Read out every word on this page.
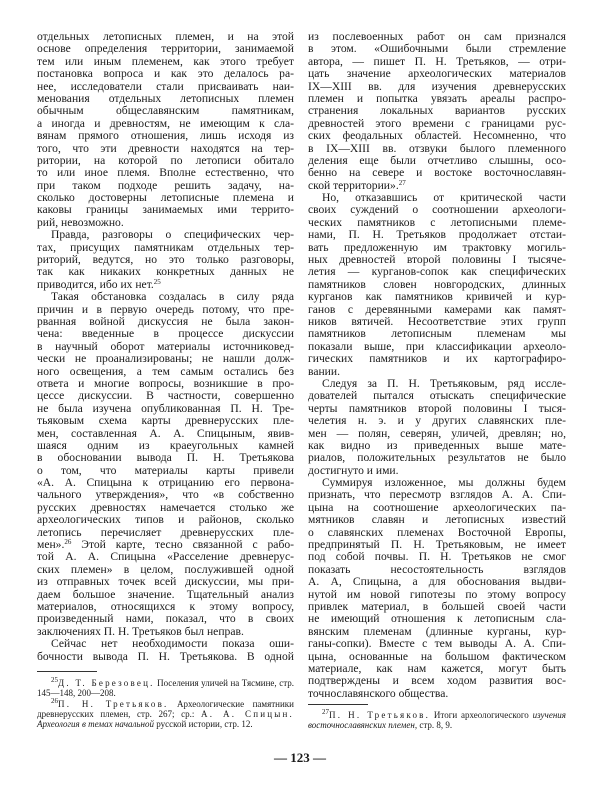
отдельных летописных племен, и на этой
основе определения территории, занимаемой
тем или иным племенем, как этого требует
постановка вопроса и как это делалось ра-
нее, исследователи стали присваивать наи-
менования отдельных летописных племен
обычным общеславянским памятникам,
а иногда и древностям, не имеющим к сла-
вянам прямого отношения, лишь исходя из
того, что эти древности находятся на тер-
ритории, на которой по летописи обитало
то или иное племя. Вполне естественно, что
при таком подходе решить задачу, на-
сколько достоверны летописные племена и
каковы границы занимаемых ими террито-
рий, невозможно.
Правда, разговоры о специфических чер-
тах, присущих памятникам отдельных тер-
риторий, ведутся, но это только разговоры,
так как никаких конкретных данных не
приводится, ибо их нет.$^{25}$
Такая обстановка создалась в силу ряда
причин и в первую очередь потому, что пре-
рванная войной дискуссия не была закон-
чена: введенные в процессе дискуссии
в научный оборот материалы источниковед-
чески не проанализированы; не нашли долж-
ного освещения, а тем самым остались без
ответа и многие вопросы, возникшие в про-
цессе дискуссии. В частности, совершенно
не была изучена опубликованная П. Н. Тре-
тьяковым схема карты древнерусских пле-
мен, составленная А. А. Спицыным, явив-
шаяся одним из краеугольных камней
в обосновании вывода П. Н. Третьякова
о том, что материалы карты привели
«А. А. Спицына к отрицанию его первона-
чального утверждения», что «в собственно
русских древностях намечается столько же
археологических типов и районов, сколько
летопись перечисляет древнерусских пле-
мен».$^{26}$ Этой карте, тесно связанной с рабо-
той А. А. Спицына «Расселение древнерус-
ских племен» в целом, послужившей одной
из отправных точек всей дискуссии, мы при-
даем большое значение. Тщательный анализ
материалов, относящихся к этому вопросу,
произведенный нами, показал, что в своих
заключениях П. Н. Третьяков был неправ.
Сейчас нет необходимости показа оши-
бочности вывода П. Н. Третьякова. В одной
из послевоенных работ он сам признался
в этом. «Ошибочными были стремление
автора, — пишет П. Н. Третьяков, — отри-
цать значение археологических материалов
IX—XIII вв. для изучения древнерусских
племен и попытка увязать ареалы распро-
странения локальных вариантов русских
древностей этого времени с границами рус-
ских феодальных областей. Несомненно, что
в IX—XIII вв. отзвуки былого племенного
деления еще были отчетливо слышны, осо-
бенно на севере и востоке восточнославян-
ской территории».$^{27}$
Но, отказавшись от критической части
своих суждений о соотношении археологи-
ческих памятников с летописными племе-
нами, П. Н. Третьяков продолжает отстаи-
вать предложенную им трактовку могиль-
ных древностей второй половины I тысяче-
летия — курганов-сопок как специфических
памятников словен новгородских, длинных
курганов как памятников кривичей и кур-
ганов с деревянными камерами как памят-
ников вятичей. Несоответствие этих групп
памятников летописным племенам мы
показали выше, при классификации археоло-
гических памятников и их картографиро-
вании.
Следуя за П. Н. Третьяковым, ряд иссле-
дователей пытался отыскать специфические
черты памятников второй половины I тыся-
челетия н. э. и у других славянских пле-
мен — полян, северян, уличей, древлян; но,
как видно из приведенных выше мате-
риалов, положительных результатов не было
достигнуто и ими.
Суммируя изложенное, мы должны будем
признать, что пересмотр взглядов А. А. Спи-
цына на соотношение археологических па-
мятников славян и летописных известий
о славянских племенах Восточной Европы,
предпринятый П. Н. Третьяковым, не имеет
под собой почвы. П. Н. Третьяков не смог
показать несостоятельность взглядов
А. А, Спицына, а для обоснования выдви-
нутой им новой гипотезы по этому вопросу
привлек материал, в большей своей части
не имеющий отношения к летописным сла-
вянским племенам (длинные курганы, кур-
ганы-сопки). Вместе с тем выводы А. А. Спи-
цына, основанные на большом фактическом
материале, как нам кажется, могут быть
подтверждены и всем ходом развития вос-
точнославянского общества.
$^{25}$Д. Т. Березовец. Поселения уличей на Тясмине, стр. 145—148, 200—208.
$^{26}$П. Н. Третьяков. Археологические памятники древнерусских племен, стр. 267; ср.: А. А. Спицын. Археология в темах начальной русской истории, стр. 12.
$^{27}$П. Н. Третьяков. Итоги археологического изучения восточнославянских племен, стр. 8, 9.
— 123 —
